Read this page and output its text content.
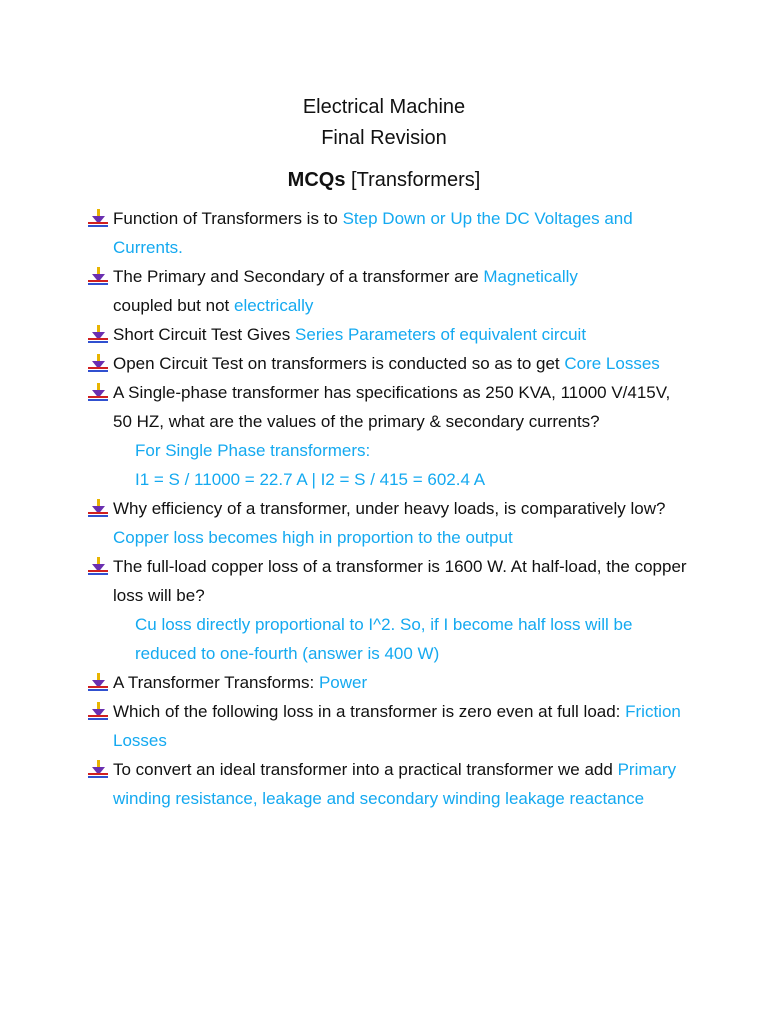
Electrical Machine
Final Revision
MCQs [Transformers]
Function of Transformers is to Step Down or Up the DC Voltages and Currents.
The Primary and Secondary of a transformer are Magnetically
coupled but not electrically
Short Circuit Test Gives Series Parameters of equivalent circuit
Open Circuit Test on transformers is conducted so as to get Core Losses
A Single-phase transformer has specifications as 250 KVA, 11000 V/415V, 50 HZ, what are the values of the primary & secondary currents?
For Single Phase transformers:
I1 = S / 11000 = 22.7 A | I2 = S / 415 = 602.4 A
Why efficiency of a transformer, under heavy loads, is comparatively low? Copper loss becomes high in proportion to the output
The full-load copper loss of a transformer is 1600 W. At half-load, the copper loss will be?
Cu loss directly proportional to I^2. So, if I become half loss will be reduced to one-fourth (answer is 400 W)
A Transformer Transforms: Power
Which of the following loss in a transformer is zero even at full load: Friction Losses
To convert an ideal transformer into a practical transformer we add Primary winding resistance, leakage and secondary winding leakage reactance
